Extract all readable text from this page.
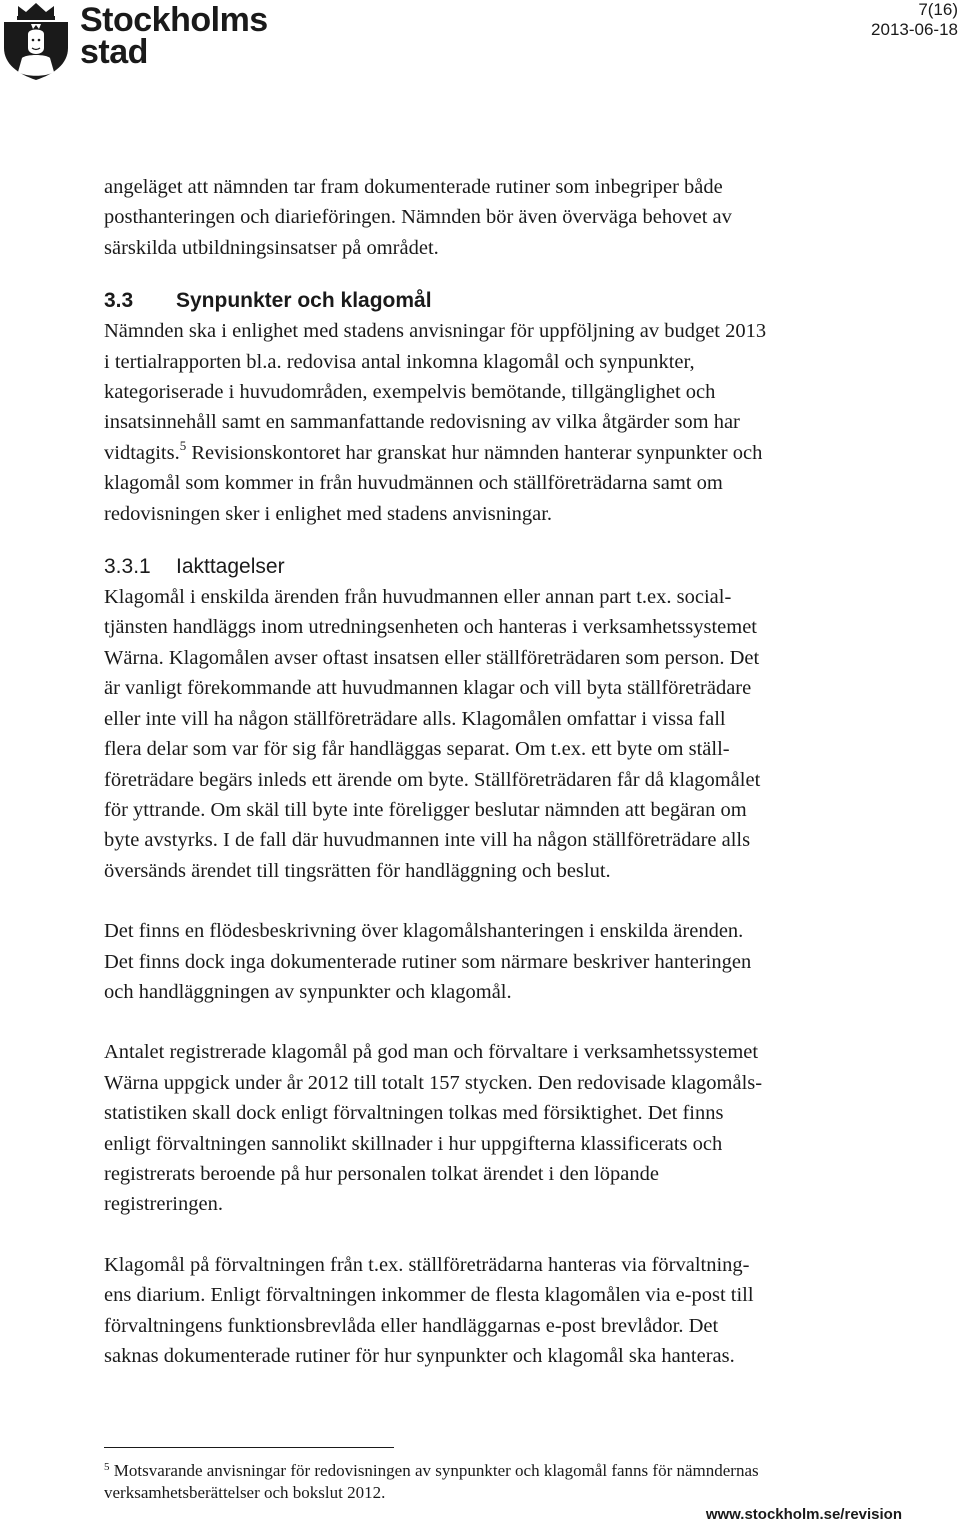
Stockholms
stad
7(16)
2013-06-18

angeläget att nämnden tar fram dokumenterade rutiner som inbegriper både
posthanteringen och diarieföringen. Nämnden bör även överväga behovet av
särskilda utbildningsinsatser på området.

3.3 Synpunkter och klagomål

Nämnden ska i enlighet med stadens anvisningar för uppföljning av budget 2013
i tertialrapporten bl.a. redovisa antal inkomna klagomål och synpunkter,
kategoriserade i huvudområden, exempelvis bemötande, tillgänglighet och
insatsinnehåll samt en sammanfattande redovisning av vilka åtgärder som har
vidtagits.$^5$ Revisionskontoret har granskat hur nämnden hanterar synpunkter och
klagomål som kommer in från huvudmännen och ställföreträdarna samt om
redovisningen sker i enlighet med stadens anvisningar.

3.3.1 Iakttagelser

Klagomål i enskilda ärenden från huvudmannen eller annan part t.ex. social-
tjänsten handläggs inom utredningsenheten och hanteras i verksamhetssystemet
Wärna. Klagomålen avser oftast insatsen eller ställföreträdaren som person. Det
är vanligt förekommande att huvudmannen klagar och vill byta ställföreträdare
eller inte vill ha någon ställföreträdare alls. Klagomålen omfattar i vissa fall
flera delar som var för sig får handläggas separat. Om t.ex. ett byte om ställ-
företrädare begärs inleds ett ärende om byte. Ställföreträdaren får då klagomålet
för yttrande. Om skäl till byte inte föreligger beslutar nämnden att begäran om
byte avstyrks. I de fall där huvudmannen inte vill ha någon ställföreträdare alls
översänds ärendet till tingsrätten för handläggning och beslut.

Det finns en flödesbeskrivning över klagomålshanteringen i enskilda ärenden.
Det finns dock inga dokumenterade rutiner som närmare beskriver hanteringen
och handläggningen av synpunkter och klagomål.

Antalet registrerade klagomål på god man och förvaltare i verksamhetssystemet
Wärna uppgick under år 2012 till totalt 157 stycken. Den redovisade klagomåls-
statistiken skall dock enligt förvaltningen tolkas med försiktighet. Det finns
enligt förvaltningen sannolikt skillnader i hur uppgifterna klassificerats och
registrerats beroende på hur personalen tolkat ärendet i den löpande
registreringen.

Klagomål på förvaltningen från t.ex. ställföreträdarna hanteras via förvaltning-
ens diarium. Enligt förvaltningen inkommer de flesta klagomålen via e-post till
förvaltningens funktionsbrevlåda eller handläggarnas e-post brevlådor. Det
saknas dokumenterade rutiner för hur synpunkter och klagomål ska hanteras.

$^5$ Motsvarande anvisningar för redovisningen av synpunkter och klagomål fanns för nämndernas
verksamhetsberättelser och bokslut 2012.
www.stockholm.se/revision
